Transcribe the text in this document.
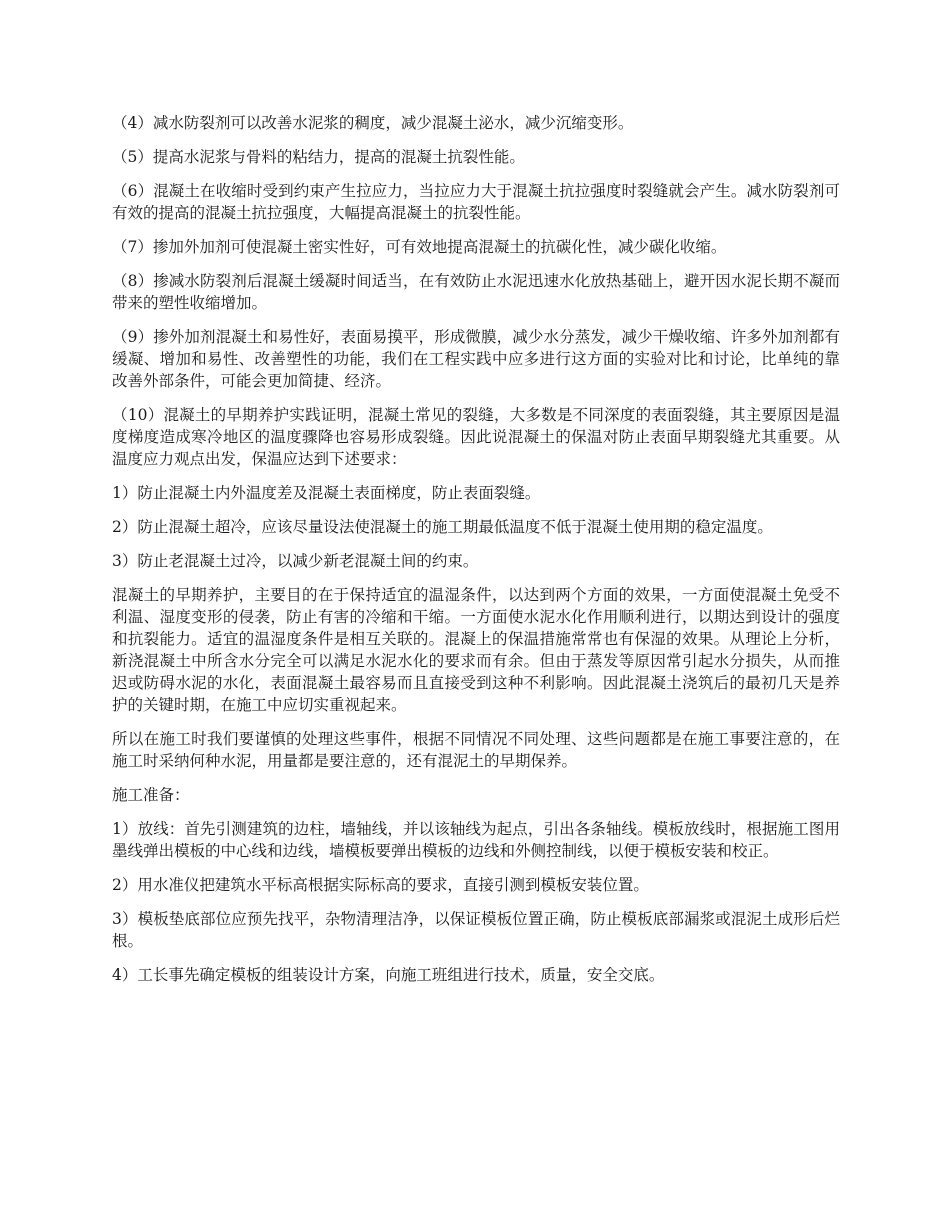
（4）减水防裂剂可以改善水泥浆的稠度，减少混凝土泌水，减少沉缩变形。

（5）提高水泥浆与骨料的粘结力，提高的混凝土抗裂性能。

（6）混凝土在收缩时受到约束产生拉应力，当拉应力大于混凝土抗拉强度时裂缝就会产生。减水防裂剂可有效的提高的混凝土抗拉强度，大幅提高混凝土的抗裂性能。

（7）掺加外加剂可使混凝土密实性好，可有效地提高混凝土的抗碳化性，减少碳化收缩。

（8）掺减水防裂剂后混凝土缓凝时间适当，在有效防止水泥迅速水化放热基础上，避开因水泥长期不凝而带来的塑性收缩增加。

（9）掺外加剂混凝土和易性好，表面易摸平，形成微膜，减少水分蒸发，减少干燥收缩、许多外加剂都有缓凝、增加和易性、改善塑性的功能，我们在工程实践中应多进行这方面的实验对比和讨论，比单纯的靠改善外部条件，可能会更加简捷、经济。

（10）混凝土的早期养护实践证明，混凝土常见的裂缝，大多数是不同深度的表面裂缝，其主要原因是温度梯度造成寒冷地区的温度骤降也容易形成裂缝。因此说混凝土的保温对防止表面早期裂缝尤其重要。从温度应力观点出发，保温应达到下述要求：

1）防止混凝土内外温度差及混凝土表面梯度，防止表面裂缝。

2）防止混凝土超冷，应该尽量设法使混凝土的施工期最低温度不低于混凝土使用期的稳定温度。

3）防止老混凝土过冷，以减少新老混凝土间的约束。

混凝土的早期养护，主要目的在于保持适宜的温湿条件，以达到两个方面的效果，一方面使混凝土免受不利温、湿度变形的侵袭，防止有害的冷缩和干缩。一方面使水泥水化作用顺利进行，以期达到设计的强度和抗裂能力。适宜的温湿度条件是相互关联的。混凝上的保温措施常常也有保湿的效果。从理论上分析，新浇混凝土中所含水分完全可以满足水泥水化的要求而有余。但由于蒸发等原因常引起水分损失，从而推迟或防碍水泥的水化，表面混凝土最容易而且直接受到这种不利影响。因此混凝土浇筑后的最初几天是养护的关键时期，在施工中应切实重视起来。

所以在施工时我们要谨慎的处理这些事件，根据不同情况不同处理、这些问题都是在施工事要注意的，在施工时采纳何种水泥，用量都是要注意的，还有混泥土的早期保养。

施工准备：

1）放线：首先引测建筑的边柱，墙轴线，并以该轴线为起点，引出各条轴线。模板放线时，根据施工图用墨线弹出模板的中心线和边线，墙模板要弹出模板的边线和外侧控制线，以便于模板安装和校正。

2）用水准仪把建筑水平标高根据实际标高的要求，直接引测到模板安装位置。

3）模板垫底部位应预先找平，杂物清理洁净，以保证模板位置正确，防止模板底部漏浆或混泥土成形后烂根。

4）工长事先确定模板的组装设计方案，向施工班组进行技术，质量，安全交底。
